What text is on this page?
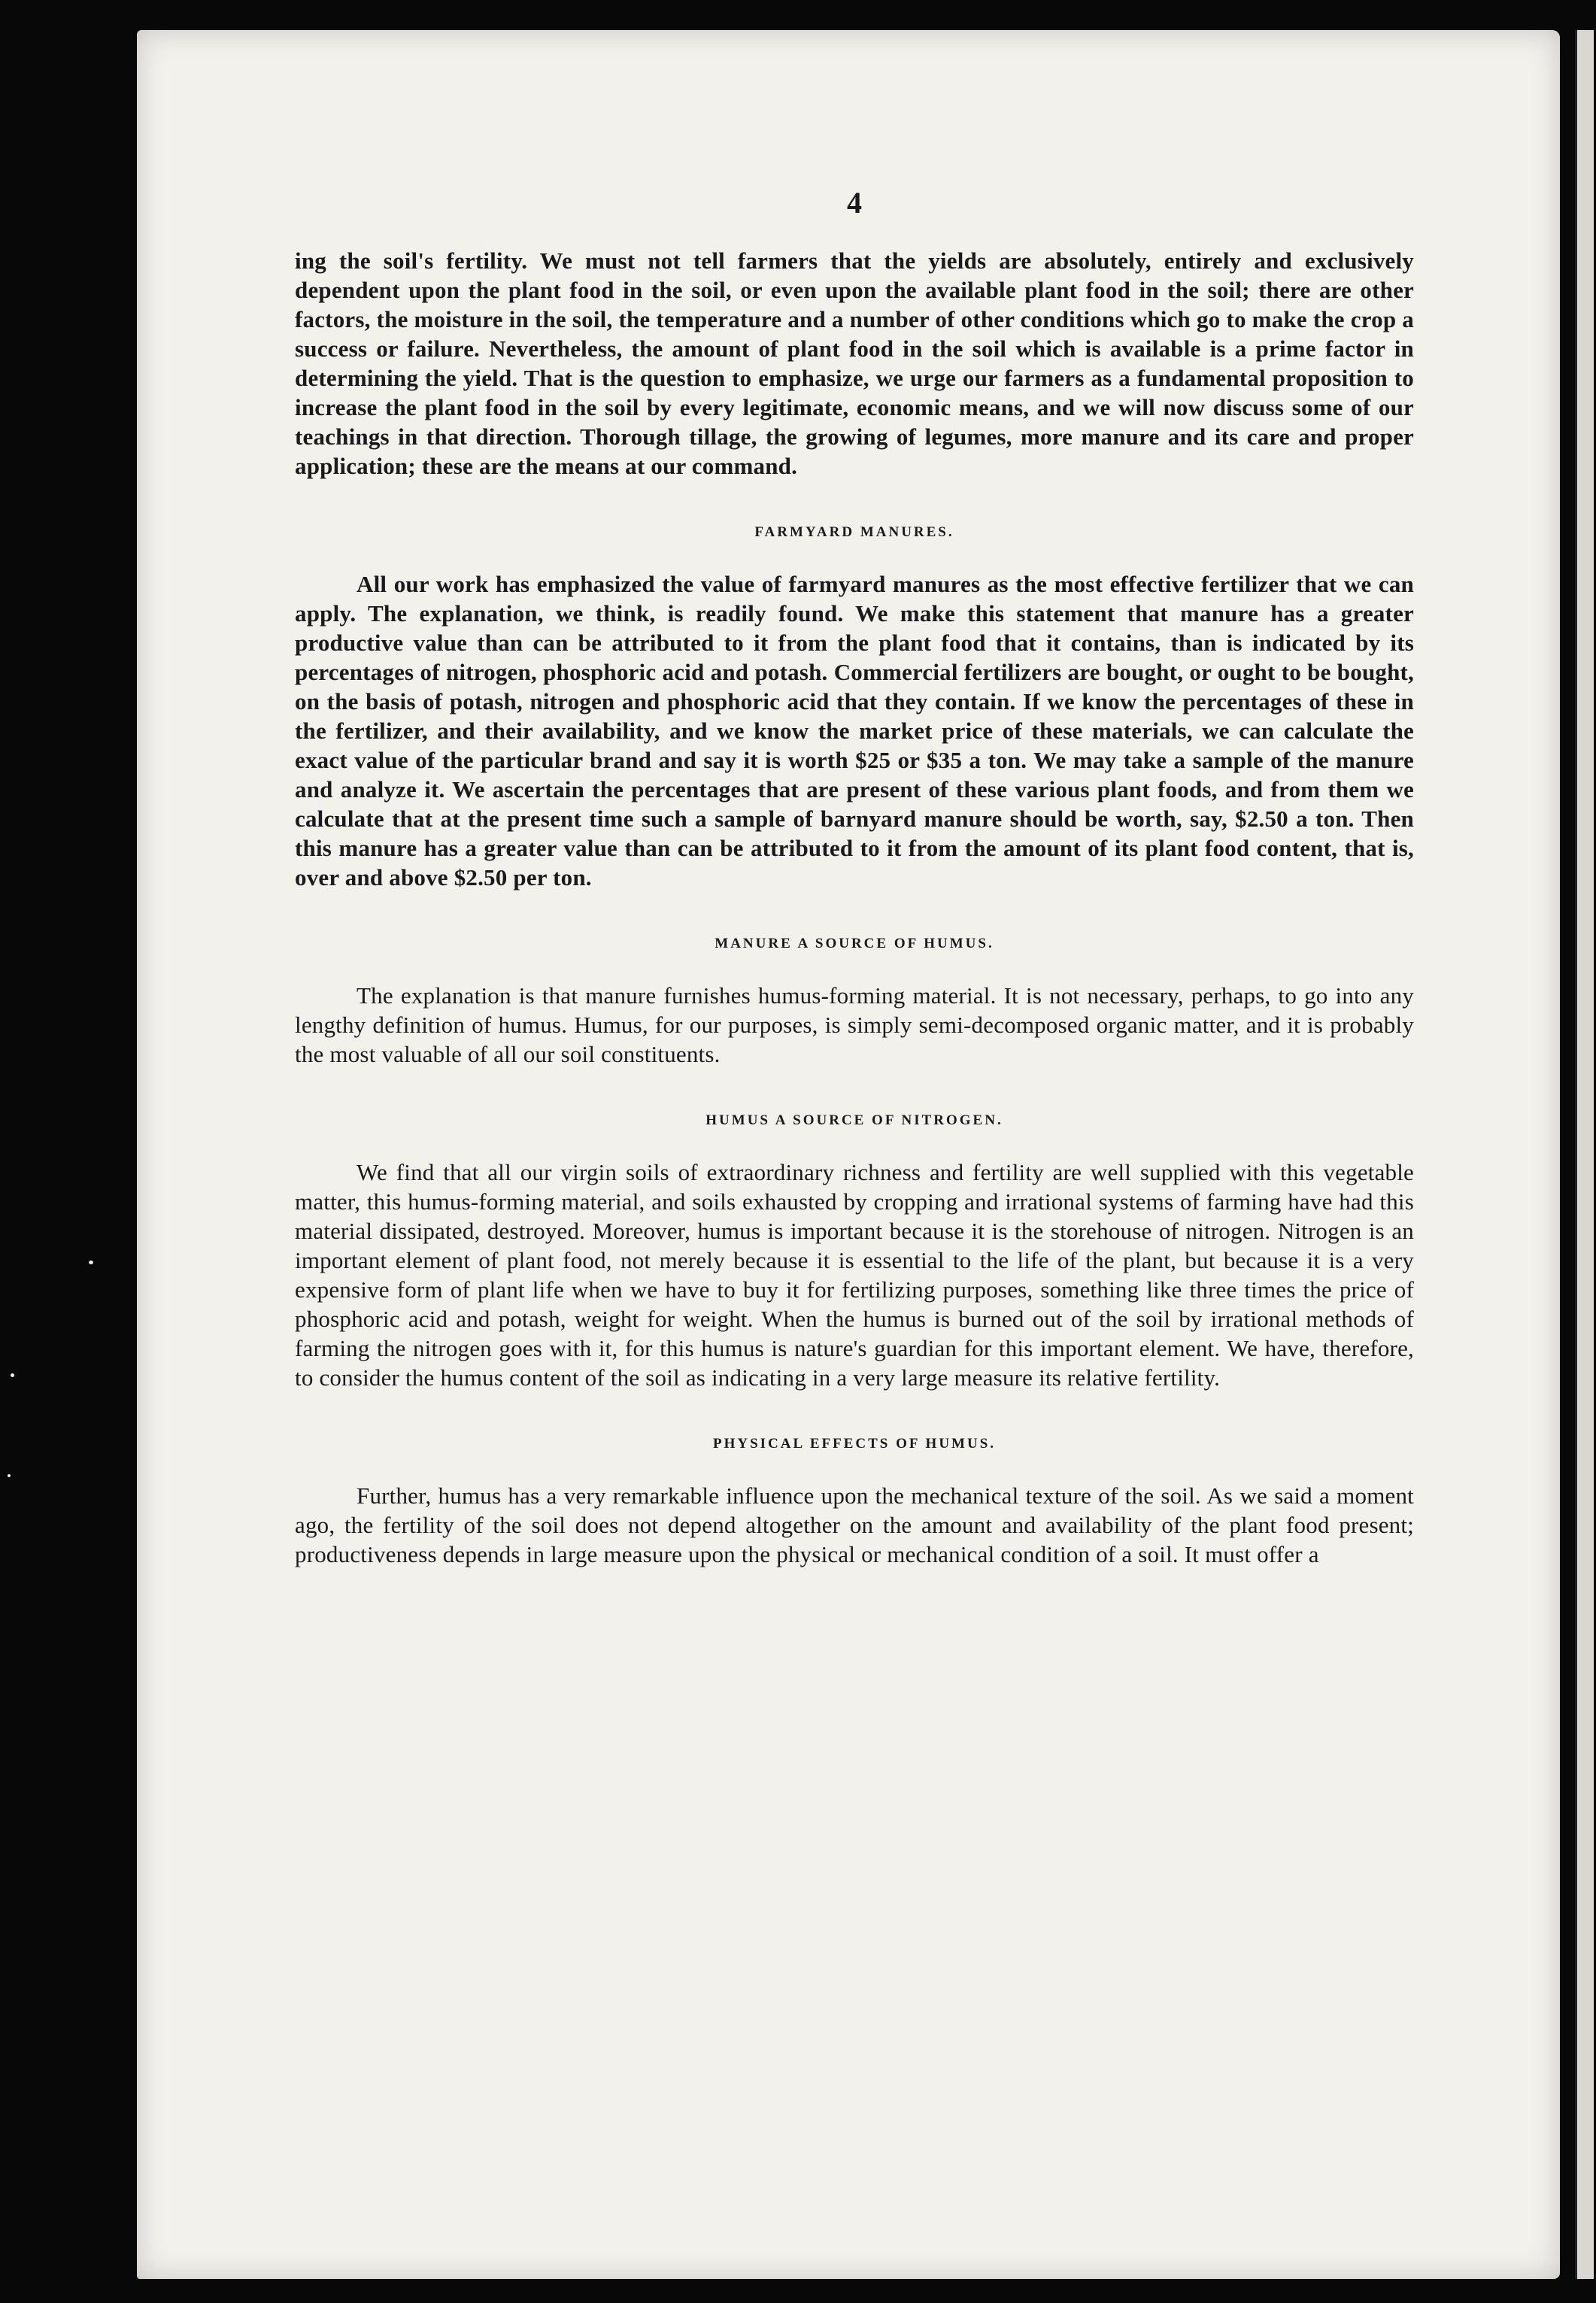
4

ing the soil's fertility. We must not tell farmers that the yields are absolutely, entirely and exclusively dependent upon the plant food in the soil, or even upon the available plant food in the soil; there are other factors, the moisture in the soil, the temperature and a number of other conditions which go to make the crop a success or failure. Nevertheless, the amount of plant food in the soil which is available is a prime factor in determining the yield. That is the question to emphasize, we urge our farmers as a fundamental proposition to increase the plant food in the soil by every legitimate, economic means, and we will now discuss some of our teachings in that direction. Thorough tillage, the growing of legumes, more manure and its care and proper application; these are the means at our command.

FARMYARD MANURES.

All our work has emphasized the value of farmyard manures as the most effective fertilizer that we can apply. The explanation, we think, is readily found. We make this statement that manure has a greater productive value than can be attributed to it from the plant food that it contains, than is indicated by its percentages of nitrogen, phosphoric acid and potash. Commercial fertilizers are bought, or ought to be bought, on the basis of potash, nitrogen and phosphoric acid that they contain. If we know the percentages of these in the fertilizer, and their availability, and we know the market price of these materials, we can calculate the exact value of the particular brand and say it is worth $25 or $35 a ton. We may take a sample of the manure and analyze it. We ascertain the percentages that are present of these various plant foods, and from them we calculate that at the present time such a sample of barnyard manure should be worth, say, $2.50 a ton. Then this manure has a greater value than can be attributed to it from the amount of its plant food content, that is, over and above $2.50 per ton.

MANURE A SOURCE OF HUMUS.

The explanation is that manure furnishes humus-forming material. It is not necessary, perhaps, to go into any lengthy definition of humus. Humus, for our purposes, is simply semi-decomposed organic matter, and it is probably the most valuable of all our soil constituents.

HUMUS A SOURCE OF NITROGEN.

We find that all our virgin soils of extraordinary richness and fertility are well supplied with this vegetable matter, this humus-forming material, and soils exhausted by cropping and irrational systems of farming have had this material dissipated, destroyed. Moreover, humus is important because it is the storehouse of nitrogen. Nitrogen is an important element of plant food, not merely because it is essential to the life of the plant, but because it is a very expensive form of plant life when we have to buy it for fertilizing purposes, something like three times the price of phosphoric acid and potash, weight for weight. When the humus is burned out of the soil by irrational methods of farming the nitrogen goes with it, for this humus is nature's guardian for this important element. We have, therefore, to consider the humus content of the soil as indicating in a very large measure its relative fertility.

PHYSICAL EFFECTS OF HUMUS.

Further, humus has a very remarkable influence upon the mechanical texture of the soil. As we said a moment ago, the fertility of the soil does not depend altogether on the amount and availability of the plant food present; productiveness depends in large measure upon the physical or mechanical condition of a soil. It must offer a
